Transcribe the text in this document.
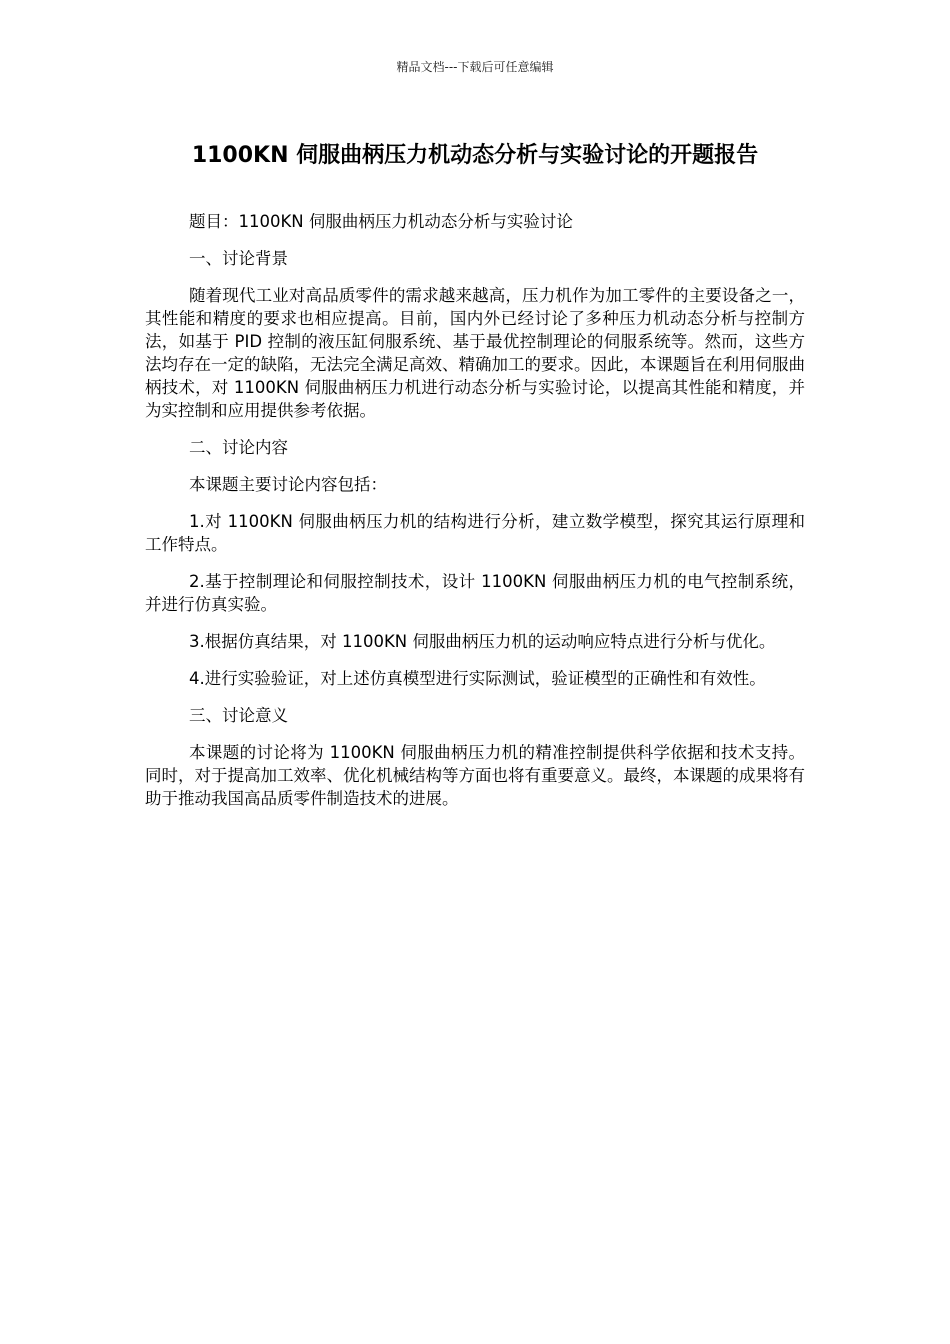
精品文档---下载后可任意编辑
1100KN 伺服曲柄压力机动态分析与实验讨论的开题报告

题目：1100KN 伺服曲柄压力机动态分析与实验讨论

一、讨论背景

随着现代工业对高品质零件的需求越来越高，压力机作为加工零件的主要设备之一，其性能和精度的要求也相应提高。目前，国内外已经讨论了多种压力机动态分析与控制方法，如基于 PID 控制的液压缸伺服系统、基于最优控制理论的伺服系统等。然而，这些方法均存在一定的缺陷，无法完全满足高效、精确加工的要求。因此，本课题旨在利用伺服曲柄技术，对 1100KN 伺服曲柄压力机进行动态分析与实验讨论，以提高其性能和精度，并为实控制和应用提供参考依据。

二、讨论内容

本课题主要讨论内容包括：

1.对 1100KN 伺服曲柄压力机的结构进行分析，建立数学模型，探究其运行原理和工作特点。

2.基于控制理论和伺服控制技术，设计 1100KN 伺服曲柄压力机的电气控制系统，并进行仿真实验。

3.根据仿真结果，对 1100KN 伺服曲柄压力机的运动响应特点进行分析与优化。

4.进行实验验证，对上述仿真模型进行实际测试，验证模型的正确性和有效性。

三、讨论意义

本课题的讨论将为 1100KN 伺服曲柄压力机的精准控制提供科学依据和技术支持。同时，对于提高加工效率、优化机械结构等方面也将有重要意义。最终，本课题的成果将有助于推动我国高品质零件制造技术的进展。
